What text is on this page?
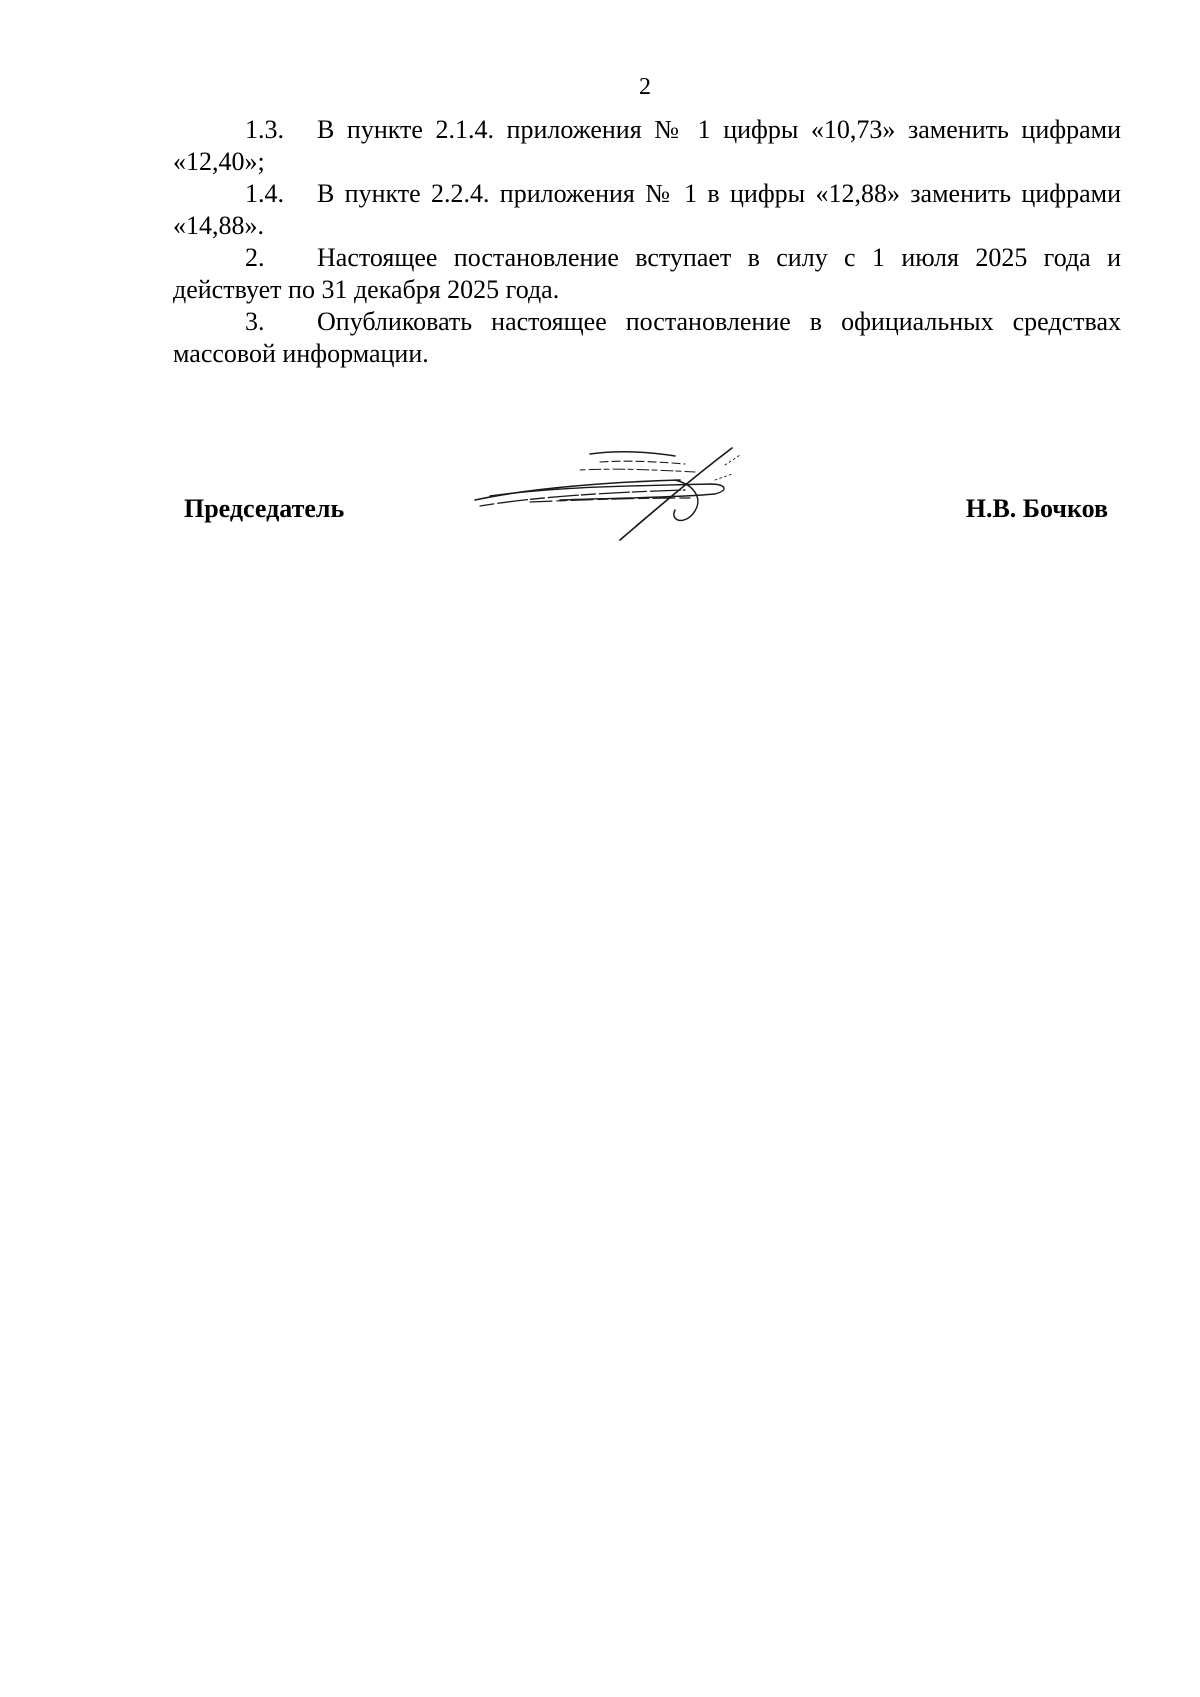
2

1.3. В пункте 2.1.4. приложения № 1 цифры «10,73» заменить цифрами «12,40»;

1.4. В пункте 2.2.4. приложения № 1 в цифры «12,88» заменить цифрами «14,88».

2. Настоящее постановление вступает в силу с 1 июля 2025 года и действует по 31 декабря 2025 года.

3. Опубликовать настоящее постановление в официальных средствах массовой информации.

Председатель	Н.В. Бочков
